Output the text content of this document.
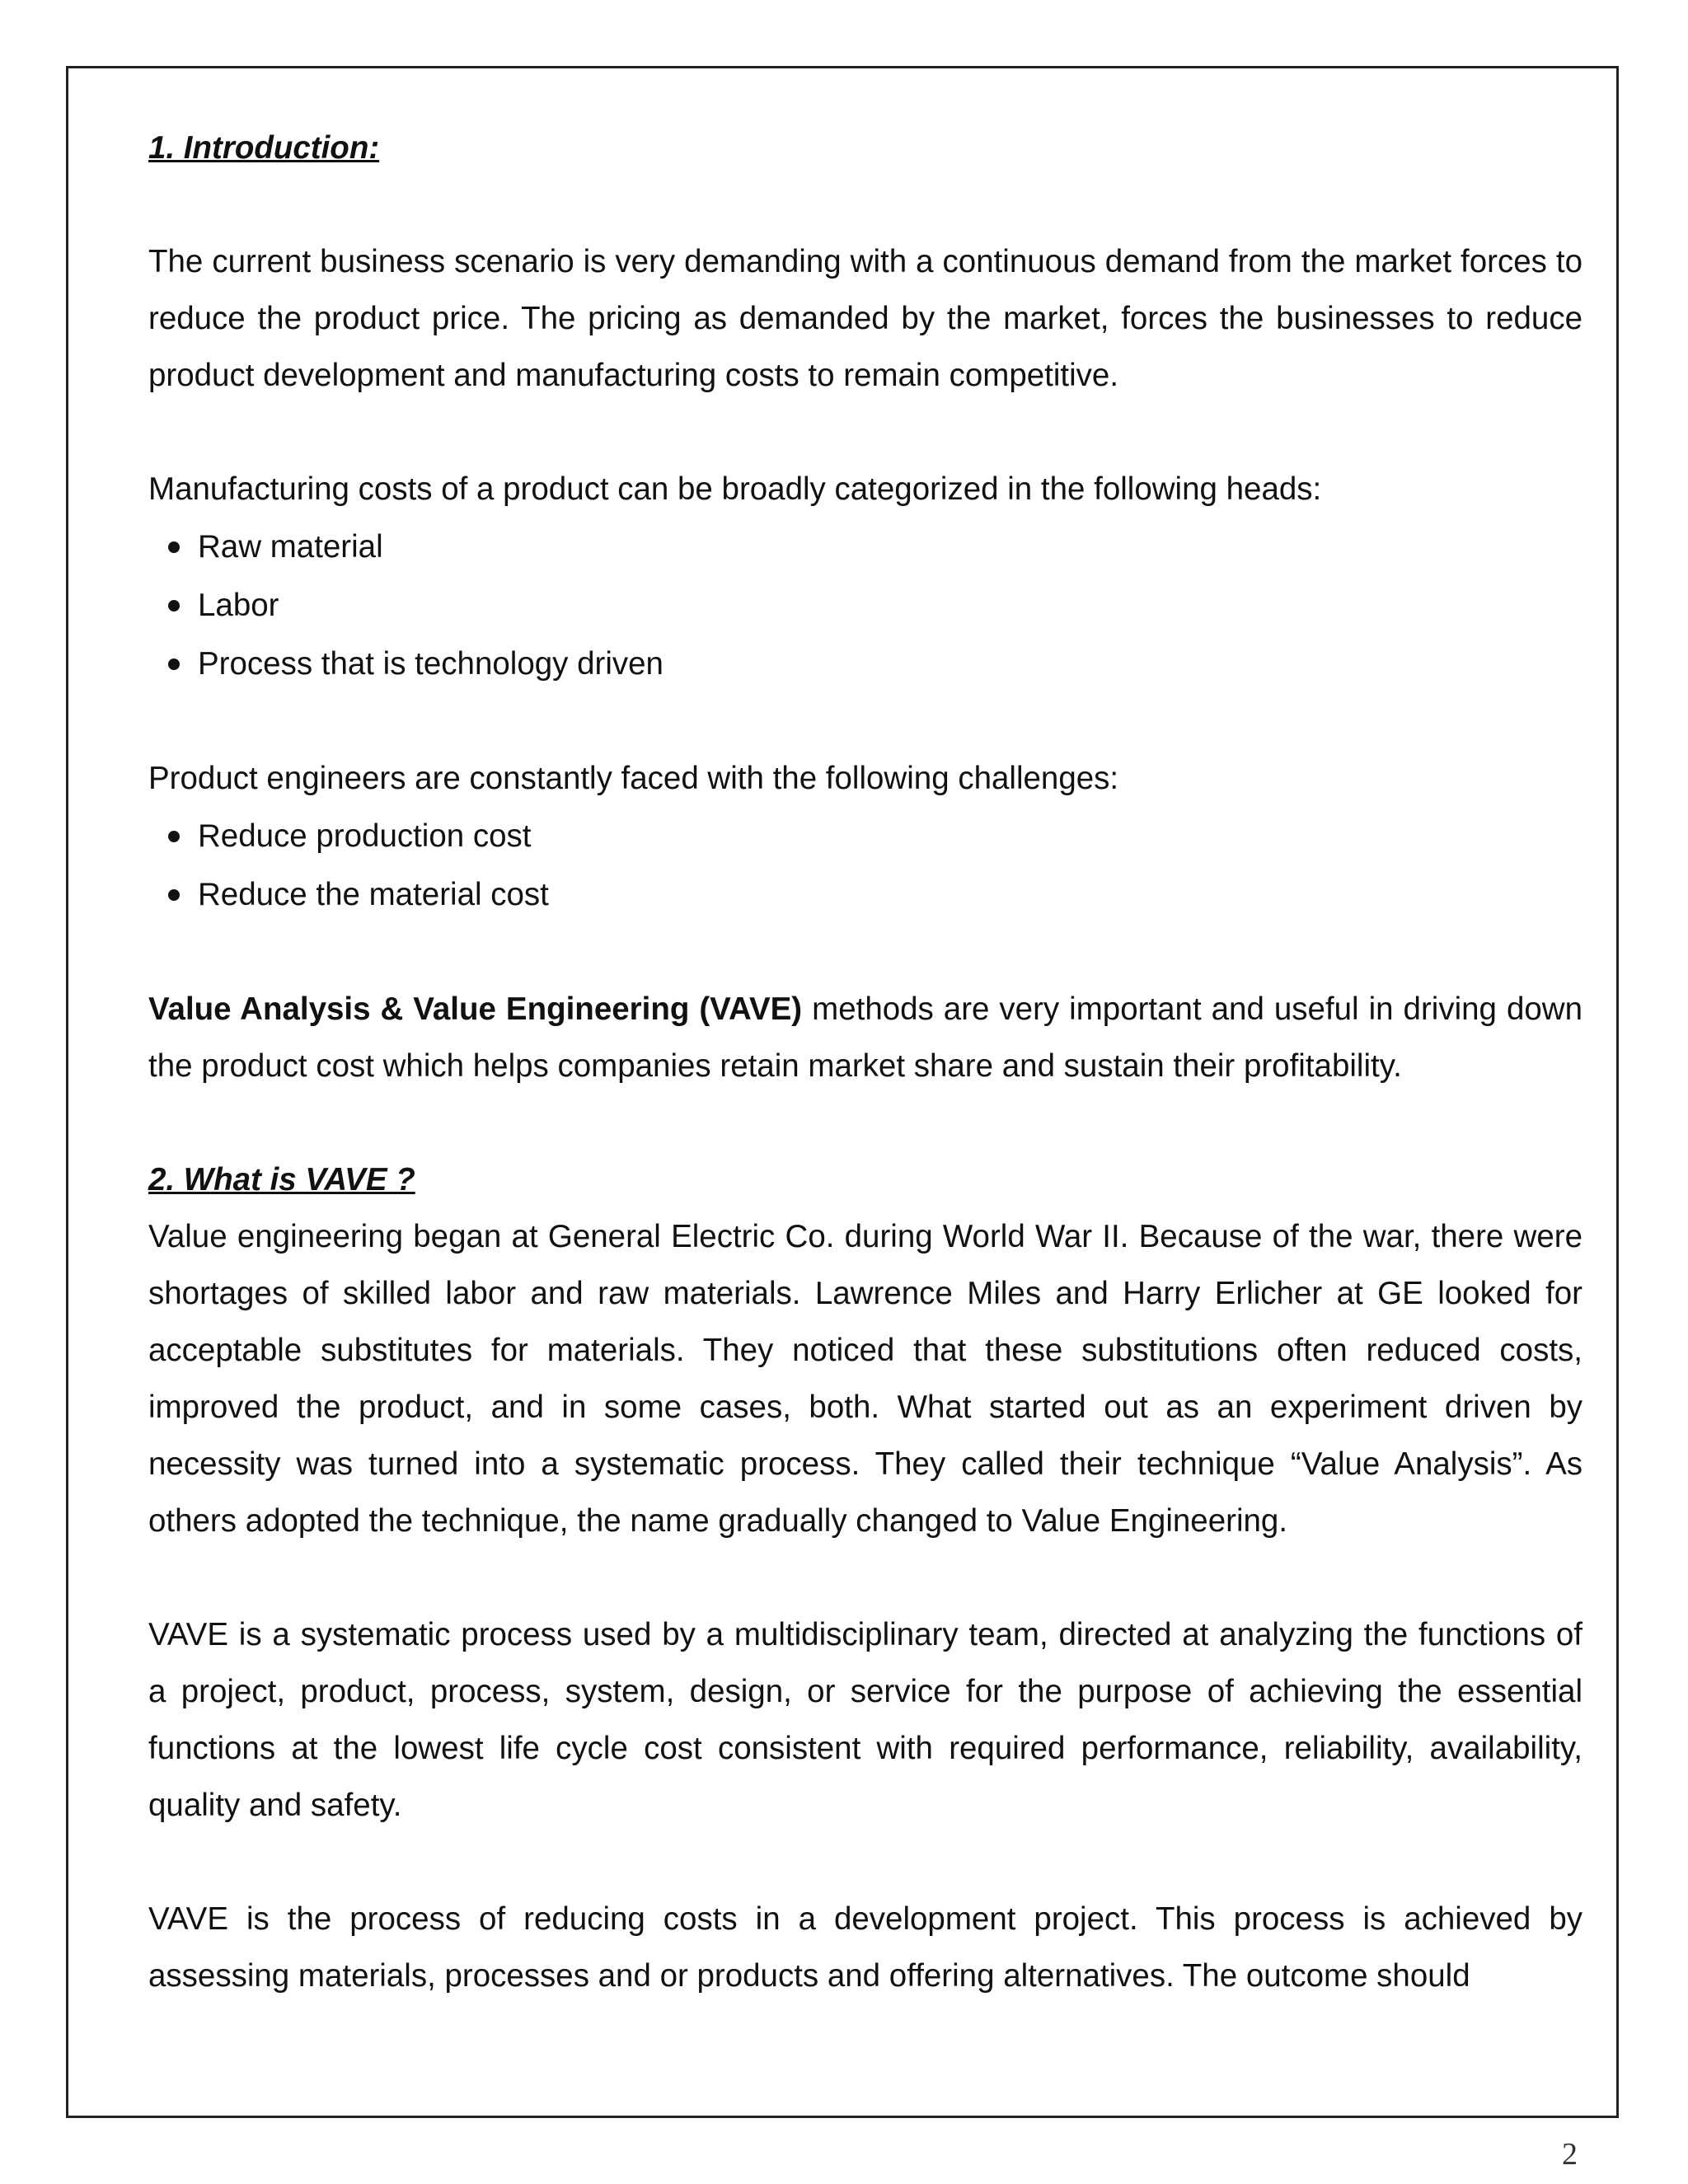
1. Introduction:

The current business scenario is very demanding with a continuous demand from the market forces to reduce the product price. The pricing as demanded by the market, forces the businesses to reduce product development and manufacturing costs to remain competitive.

Manufacturing costs of a product can be broadly categorized in the following heads:

Raw material
Labor
Process that is technology driven

Product engineers are constantly faced with the following challenges:

Reduce production cost
Reduce the material cost

Value Analysis & Value Engineering (VAVE) methods are very important and useful in driving down the product cost which helps companies retain market share and sustain their profitability.

2. What is VAVE ?

Value engineering began at General Electric Co. during World War II. Because of the war, there were shortages of skilled labor and raw materials. Lawrence Miles and Harry Erlicher at GE looked for acceptable substitutes for materials. They noticed that these substitutions often reduced costs, improved the product, and in some cases, both. What started out as an experiment driven by necessity was turned into a systematic process. They called their technique “Value Analysis”. As others adopted the technique, the name gradually changed to Value Engineering.

VAVE is a systematic process used by a multidisciplinary team, directed at analyzing the functions of a project, product, process, system, design, or service for the purpose of achieving the essential functions at the lowest life cycle cost consistent with required performance, reliability, availability, quality and safety.

VAVE is the process of reducing costs in a development project. This process is achieved by assessing materials, processes and or products and offering alternatives. The outcome should

2
